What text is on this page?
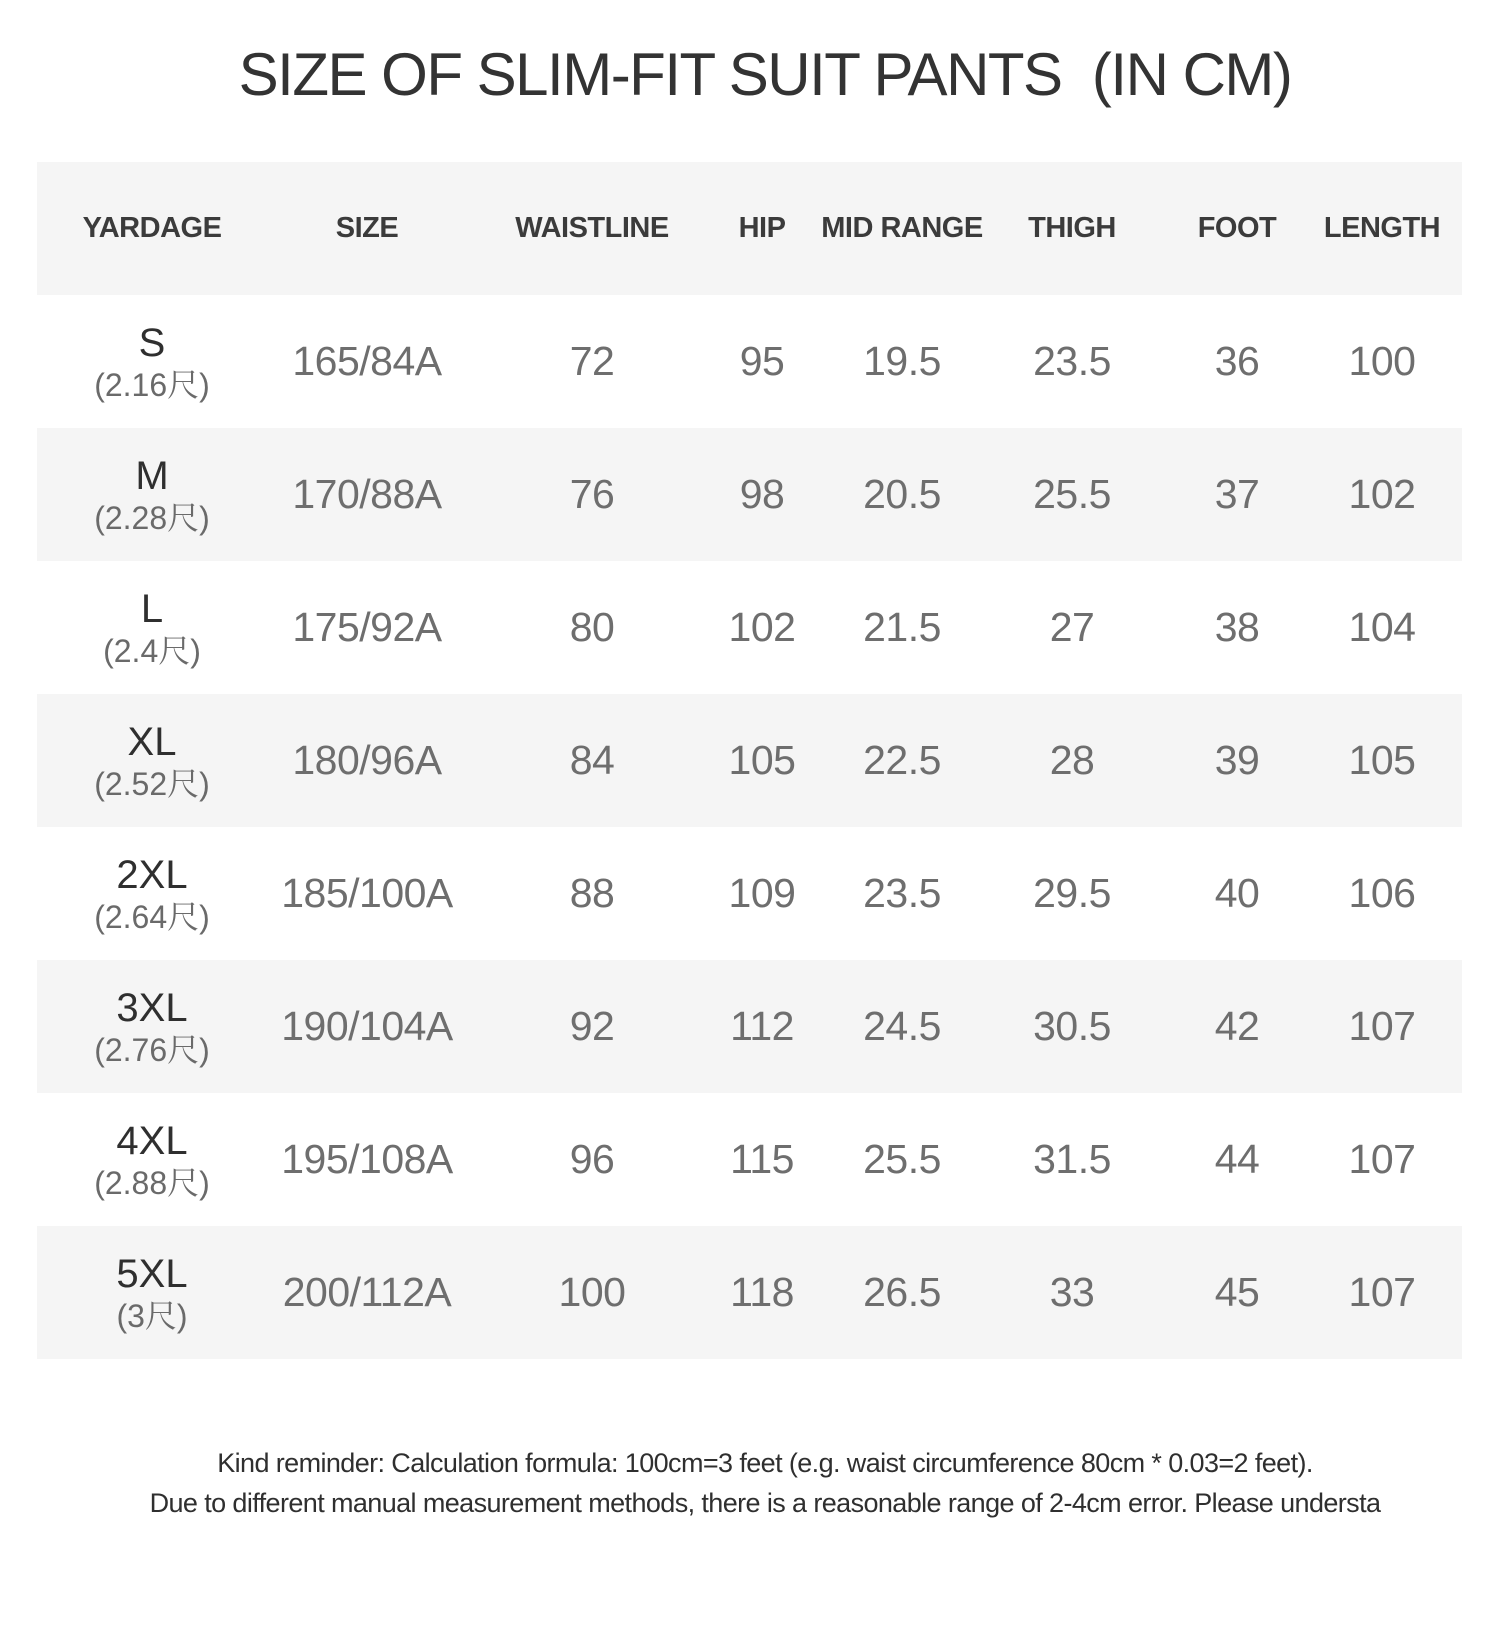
SIZE OF SLIM-FIT SUIT PANTS  (IN CM)
YARDAGE	SIZE	WAISTLINE	HIP	MID RANGE	THIGH	FOOT	LENGTH
S
(2.16尺)
165/84A	72	95	19.5	23.5	36	100
M
(2.28尺)
170/88A	76	98	20.5	25.5	37	102
L
(2.4尺)
175/92A	80	102	21.5	27	38	104
XL
(2.52尺)
180/96A	84	105	22.5	28	39	105
2XL
(2.64尺)
185/100A	88	109	23.5	29.5	40	106
3XL
(2.76尺)
190/104A	92	112	24.5	30.5	42	107
4XL
(2.88尺)
195/108A	96	115	25.5	31.5	44	107
5XL
(3尺)
200/112A	100	118	26.5	33	45	107
Kind reminder: Calculation formula: 100cm=3 feet (e.g. waist circumference 80cm * 0.03=2 feet).
Due to different manual measurement methods, there is a reasonable range of 2-4cm error. Please understa
